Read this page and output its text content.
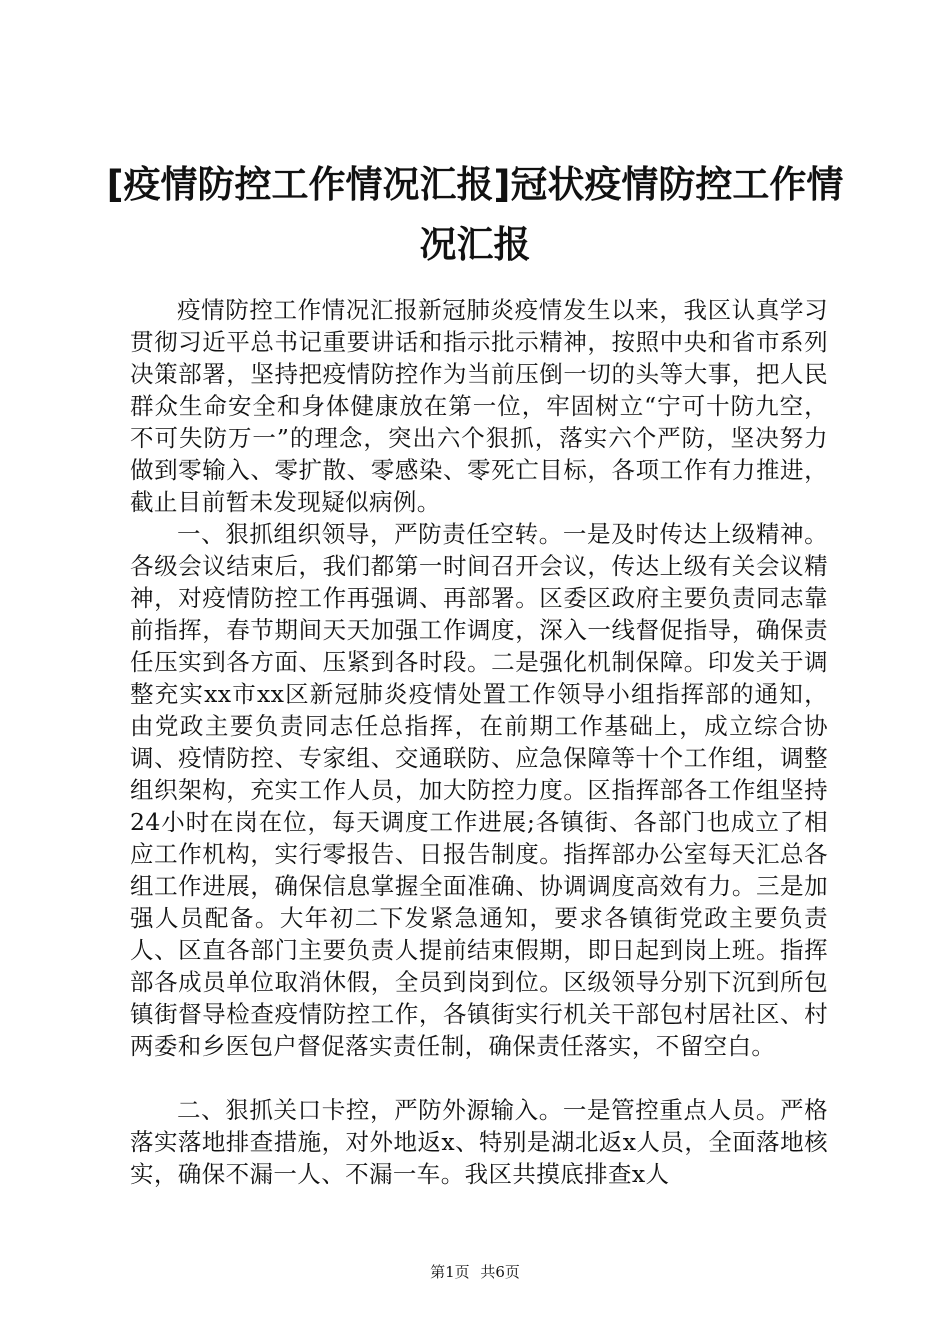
[疫情防控工作情况汇报]冠状疫情防控工作情
况汇报

疫情防控工作情况汇报新冠肺炎疫情发生以来，我区认真学习贯彻习近平总书记重要讲话和指示批示精神，按照中央和省市系列决策部署，坚持把疫情防控作为当前压倒一切的头等大事，把人民群众生命安全和身体健康放在第一位，牢固树立“宁可十防九空，不可失防万一”的理念，突出六个狠抓，落实六个严防，坚决努力做到零输入、零扩散、零感染、零死亡目标，各项工作有力推进，截止目前暂未发现疑似病例。

一、狠抓组织领导，严防责任空转。一是及时传达上级精神。各级会议结束后，我们都第一时间召开会议，传达上级有关会议精神，对疫情防控工作再强调、再部署。区委区政府主要负责同志靠前指挥，春节期间天天加强工作调度，深入一线督促指导，确保责任压实到各方面、压紧到各时段。二是强化机制保障。印发关于调整充实xx市xx区新冠肺炎疫情处置工作领导小组指挥部的通知，由党政主要负责同志任总指挥，在前期工作基础上，成立综合协调、疫情防控、专家组、交通联防、应急保障等十个工作组，调整组织架构，充实工作人员，加大防控力度。区指挥部各工作组坚持24小时在岗在位，每天调度工作进展;各镇街、各部门也成立了相应工作机构，实行零报告、日报告制度。指挥部办公室每天汇总各组工作进展，确保信息掌握全面准确、协调调度高效有力。三是加强人员配备。大年初二下发紧急通知，要求各镇街党政主要负责人、区直各部门主要负责人提前结束假期，即日起到岗上班。指挥部各成员单位取消休假，全员到岗到位。区级领导分别下沉到所包镇街督导检查疫情防控工作，各镇街实行机关干部包村居社区、村两委和乡医包户督促落实责任制，确保责任落实，不留空白。

二、狠抓关口卡控，严防外源输入。一是管控重点人员。严格落实落地排查措施，对外地返x、特别是湖北返x人员，全面落地核实，确保不漏一人、不漏一车。我区共摸底排查x人

第1页 共6页
